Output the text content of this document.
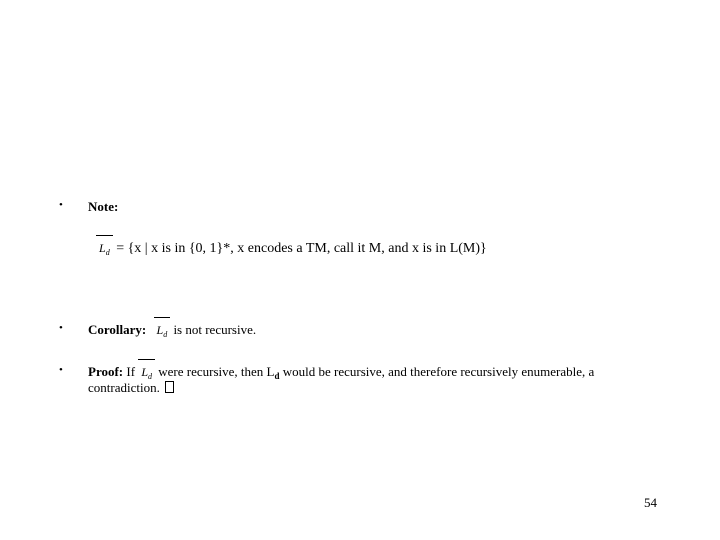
• Note:
$L_d = \{x$ | x is in {0, 1}*, x encodes a TM, call it M, and x is in L(M)}
• Corollary: $L_d$ is not recursive.
• Proof: If $L_d$ were recursive, then $L_d$ would be recursive, and therefore recursively enumerable, a
contradiction.
54
